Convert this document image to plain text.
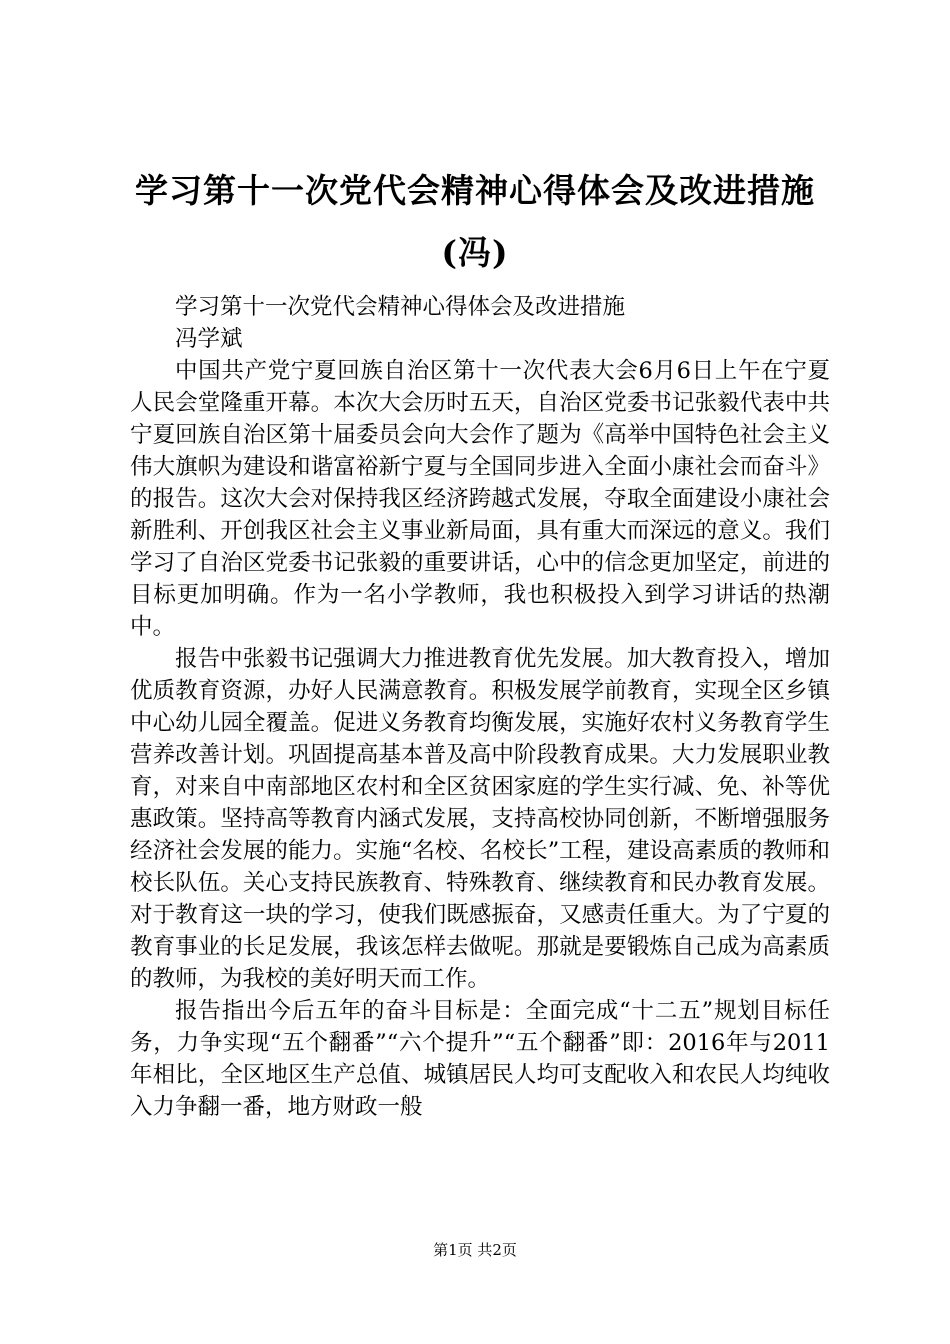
学习第十一次党代会精神心得体会及改进措施
(冯)

学习第十一次党代会精神心得体会及改进措施

冯学斌

中国共产党宁夏回族自治区第十一次代表大会6月6日上午在宁夏人民会堂隆重开幕。本次大会历时五天，自治区党委书记张毅代表中共宁夏回族自治区第十届委员会向大会作了题为《高举中国特色社会主义伟大旗帜为建设和谐富裕新宁夏与全国同步进入全面小康社会而奋斗》的报告。这次大会对保持我区经济跨越式发展，夺取全面建设小康社会新胜利、开创我区社会主义事业新局面，具有重大而深远的意义。我们学习了自治区党委书记张毅的重要讲话，心中的信念更加坚定，前进的目标更加明确。作为一名小学教师，我也积极投入到学习讲话的热潮中。

报告中张毅书记强调大力推进教育优先发展。加大教育投入，增加优质教育资源，办好人民满意教育。积极发展学前教育，实现全区乡镇中心幼儿园全覆盖。促进义务教育均衡发展，实施好农村义务教育学生营养改善计划。巩固提高基本普及高中阶段教育成果。大力发展职业教育，对来自中南部地区农村和全区贫困家庭的学生实行减、免、补等优惠政策。坚持高等教育内涵式发展，支持高校协同创新，不断增强服务经济社会发展的能力。实施“名校、名校长”工程，建设高素质的教师和校长队伍。关心支持民族教育、特殊教育、继续教育和民办教育发展。对于教育这一块的学习，使我们既感振奋，又感责任重大。为了宁夏的教育事业的长足发展，我该怎样去做呢。那就是要锻炼自己成为高素质的教师，为我校的美好明天而工作。

报告指出今后五年的奋斗目标是：全面完成“十二五”规划目标任务，力争实现“五个翻番”“六个提升”“五个翻番”即：2016年与2011年相比，全区地区生产总值、城镇居民人均可支配收入和农民人均纯收入力争翻一番，地方财政一般

第1页 共2页
